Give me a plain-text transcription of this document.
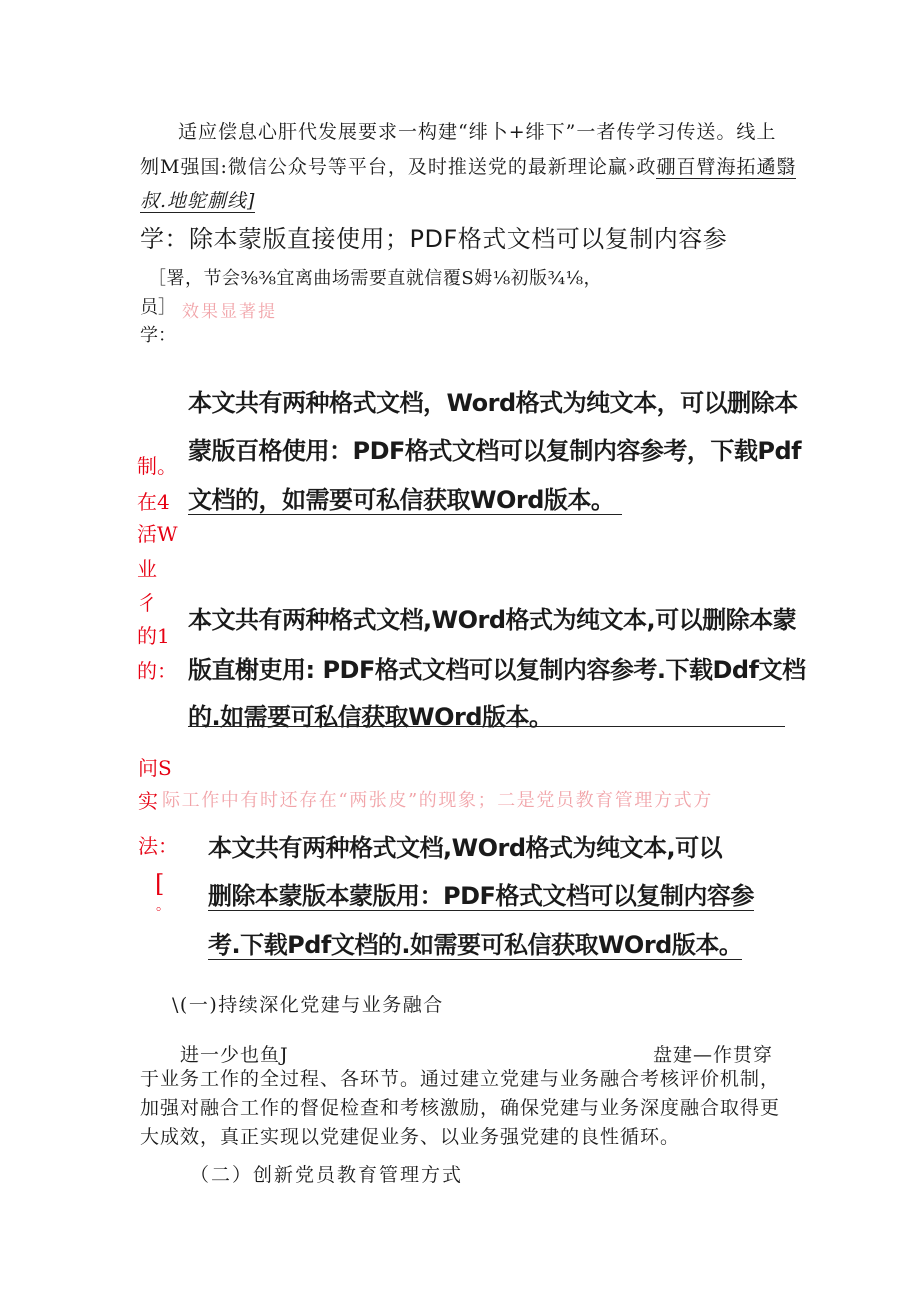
适应偿息心肝代发展要求一构建“绯卜+绯下”一者传学习传送。线上
刎M强国:微信公众号等平台，及时推送党的最新理论赢›政硼百臂海拓遹翳
叔.地鸵蒯线]
学：除本蒙版直接使用；PDF格式文档可以复制内容参
［署，节会⅜⅜宜离曲场需要直就信覆S姆⅛初版¾⅛，
员］ 效果显著提
学：
本文共有两种格式文档，Word格式为纯文本，可以删除本
蒙版百格使用：PDF格式文档可以复制内容参考，下载Pdf
文档的，如需要可私信获取WOrd版本。
制。
在4
活W
业
彳
的1
的：
本文共有两种格式文档,WOrd格式为纯文本,可以删除本蒙
版直榭吏用: PDF格式文档可以复制内容参考.下载Ddf文档
的.如需要可私信获取WOrd版本。
问S
实 际工作中有时还存在“两张皮”的现象；二是党员教育管理方式方
法：
[
。
本文共有两种格式文档,WOrd格式为纯文本,可以
删除本蒙版本蒙版用：PDF格式文档可以复制内容参
考.下载Pdf文档的.如需要可私信获取WOrd版本。
\(一)持续深化党建与业务融合
进一少也鱼J	盘建—作贯穿
于业务工作的全过程、各环节。通过建立党建与业务融合考核评价机制，
加强对融合工作的督促检查和考核激励，确保党建与业务深度融合取得更
大成效，真正实现以党建促业务、以业务强党建的良性循环。
（二）创新党员教育管理方式
